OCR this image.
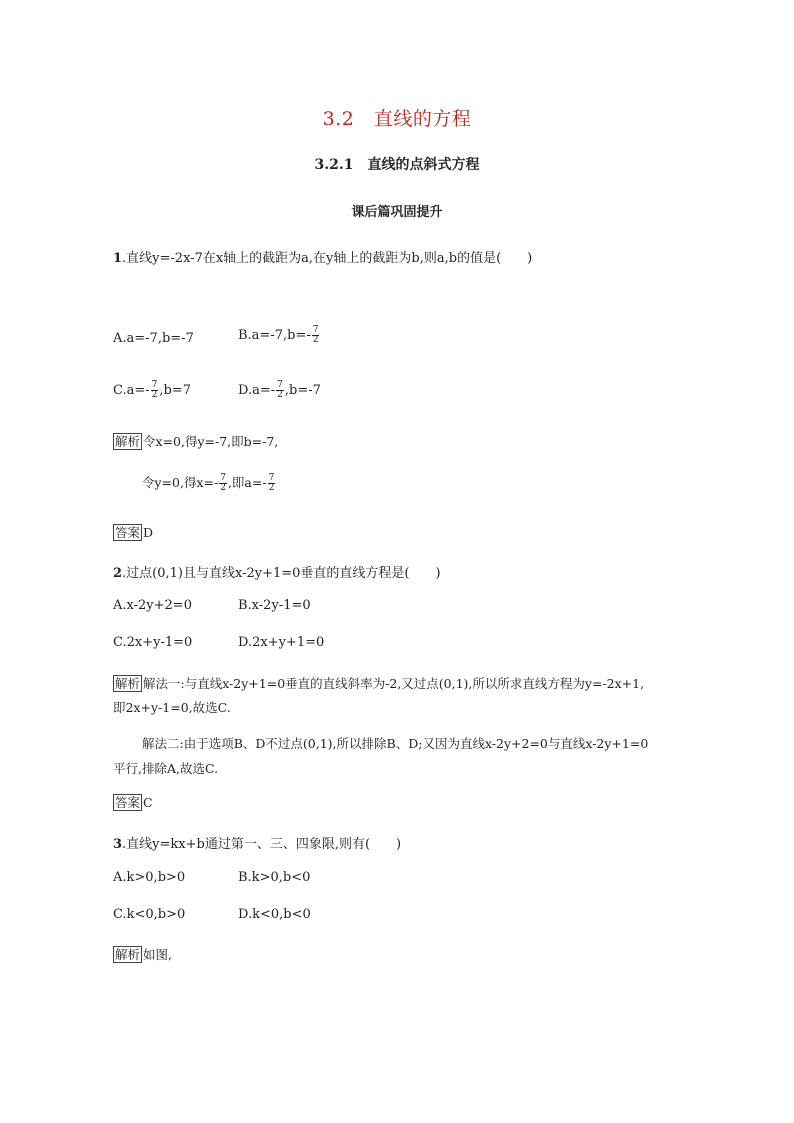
3.2　直线的方程
3.2.1　直线的点斜式方程
课后篇巩固提升
1.直线y=-2x-7在x轴上的截距为a,在y轴上的截距为b,则a,b的值是(　　)
A.a=-7,b=-7	$B.a=-7,b=- \frac{7}{2}$
$C.a=- \frac{7}{2} ,b=7$	$D.a=- \frac{7}{2} ,b=-7$
解析 令x=0,得y=-7,即b=-7,
令y=0,得$x=- \frac{7}{2}$ ,即$a=- \frac{7}{2}$
答案 D
2.过点(0,1)且与直线x-2y+1=0垂直的直线方程是(　　)
A.x-2y+2=0	B.x-2y-1=0
C.2x+y-1=0	D.2x+y+1=0
解析 解法一:与直线x-2y+1=0垂直的直线斜率为-2,又过点(0,1),所以所求直线方程为y=-2x+1,
即2x+y-1=0,故选C.
解法二:由于选项B、D不过点(0,1),所以排除B、D;又因为直线x-2y+2=0与直线x-2y+1=0
平行,排除A,故选C.
答案 C
3.直线y=kx+b通过第一、三、四象限,则有(　　)
A.k>0,b>0	B.k>0,b<0
C.k<0,b>0	D.k<0,b<0
解析 如图,
